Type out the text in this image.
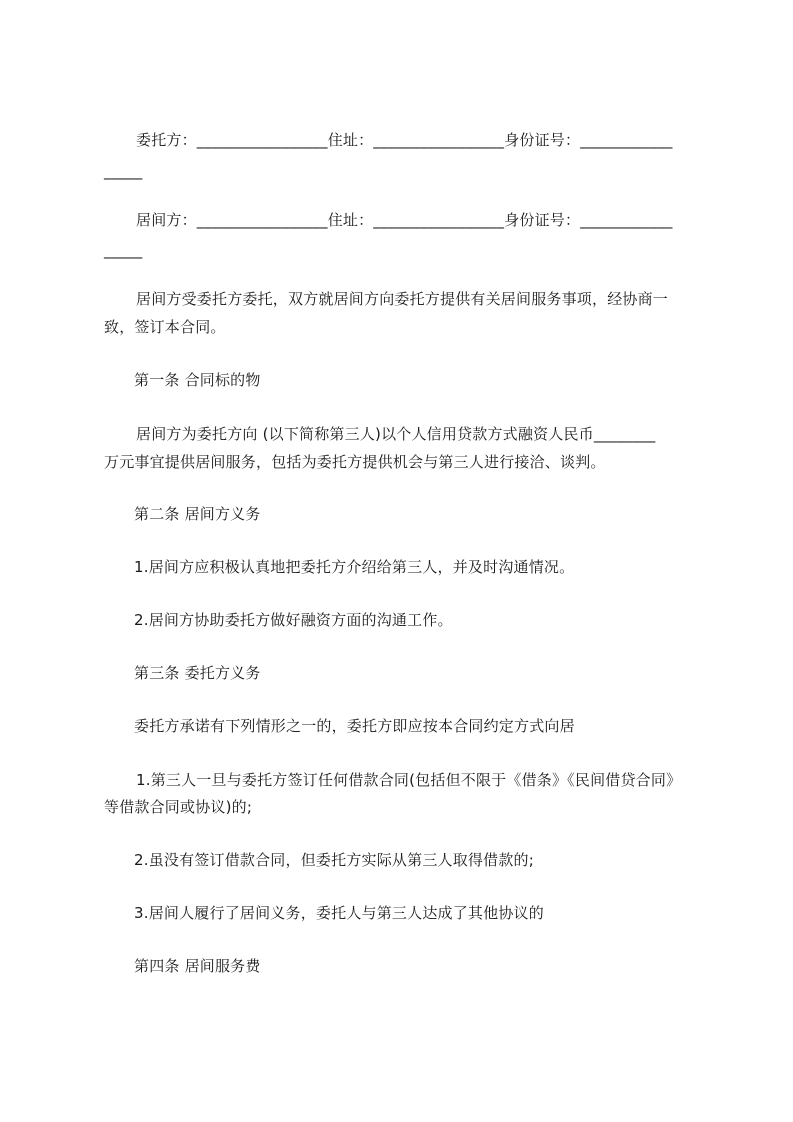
委托方：_________________住址：_________________身份证号：____________
_____
居间方：_________________住址：_________________身份证号：____________
_____
居间方受委托方委托，双方就居间方向委托方提供有关居间服务事项，经协商一
致，签订本合同。
第一条 合同标的物
居间方为委托方向 (以下简称第三人)以个人信用贷款方式融资人民币________
万元事宜提供居间服务，包括为委托方提供机会与第三人进行接洽、谈判。
第二条 居间方义务
1.居间方应积极认真地把委托方介绍给第三人，并及时沟通情况。
2.居间方协助委托方做好融资方面的沟通工作。
第三条 委托方义务
委托方承诺有下列情形之一的，委托方即应按本合同约定方式向居
1.第三人一旦与委托方签订任何借款合同(包括但不限于《借条》《民间借贷合同》
等借款合同或协议)的;
2.虽没有签订借款合同，但委托方实际从第三人取得借款的;
3.居间人履行了居间义务，委托人与第三人达成了其他协议的
第四条 居间服务费
